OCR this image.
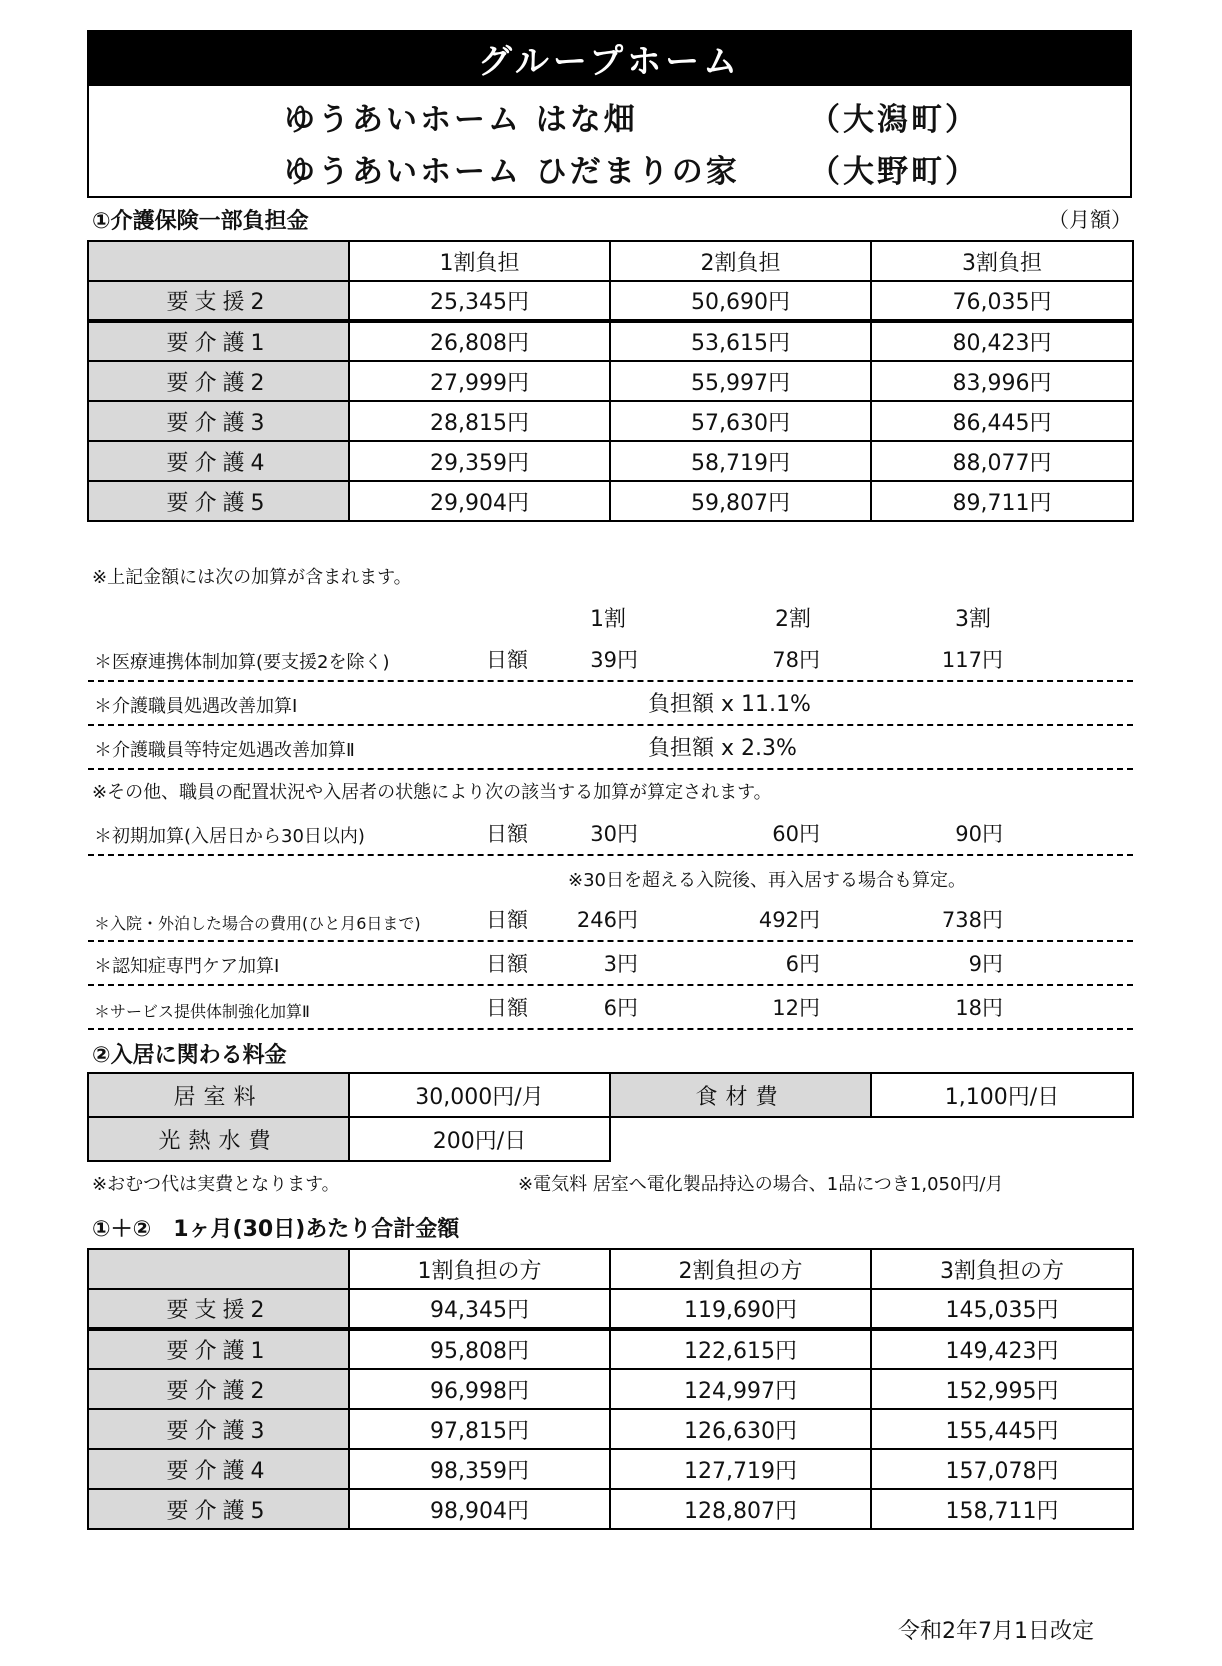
グループホーム
ゆうあいホーム はな畑	（大潟町）
ゆうあいホーム ひだまりの家 （大野町）
①介護保険一部負担金	（月額）
	1割負担	2割負担	3割負担
要支援2	25,345円	50,690円	76,035円
要介護1	26,808円	53,615円	80,423円
要介護2	27,999円	55,997円	83,996円
要介護3	28,815円	57,630円	86,445円
要介護4	29,359円	58,719円	88,077円
要介護5	29,904円	59,807円	89,711円
※上記金額には次の加算が含まれます。
1割	2割	3割
＊医療連携体制加算(要支援2を除く)	日額	39円	78円	117円
＊介護職員処遇改善加算Ⅰ	負担額 x 11.1%
＊介護職員等特定処遇改善加算Ⅱ	負担額 x 2.3%
※その他、職員の配置状況や入居者の状態により次の該当する加算が算定されます。
＊初期加算(入居日から30日以内)	日額	30円	60円	90円
※30日を超える入院後、再入居する場合も算定。
＊入院・外泊した場合の費用(ひと月6日まで)	日額	246円	492円	738円
＊認知症専門ケア加算Ⅰ	日額	3円	6円	9円
＊サービス提供体制強化加算Ⅱ	日額	6円	12円	18円
②入居に関わる料金
居室料	30,000円/月	食材費	1,100円/日
光熱水費	200円/日		
※おむつ代は実費となります。	※電気料 居室へ電化製品持込の場合、1品につき1,050円/月
①＋②　1ヶ月(30日)あたり合計金額
	1割負担の方	2割負担の方	3割負担の方
要支援2	94,345円	119,690円	145,035円
要介護1	95,808円	122,615円	149,423円
要介護2	96,998円	124,997円	152,995円
要介護3	97,815円	126,630円	155,445円
要介護4	98,359円	127,719円	157,078円
要介護5	98,904円	128,807円	158,711円
令和2年7月1日改定
